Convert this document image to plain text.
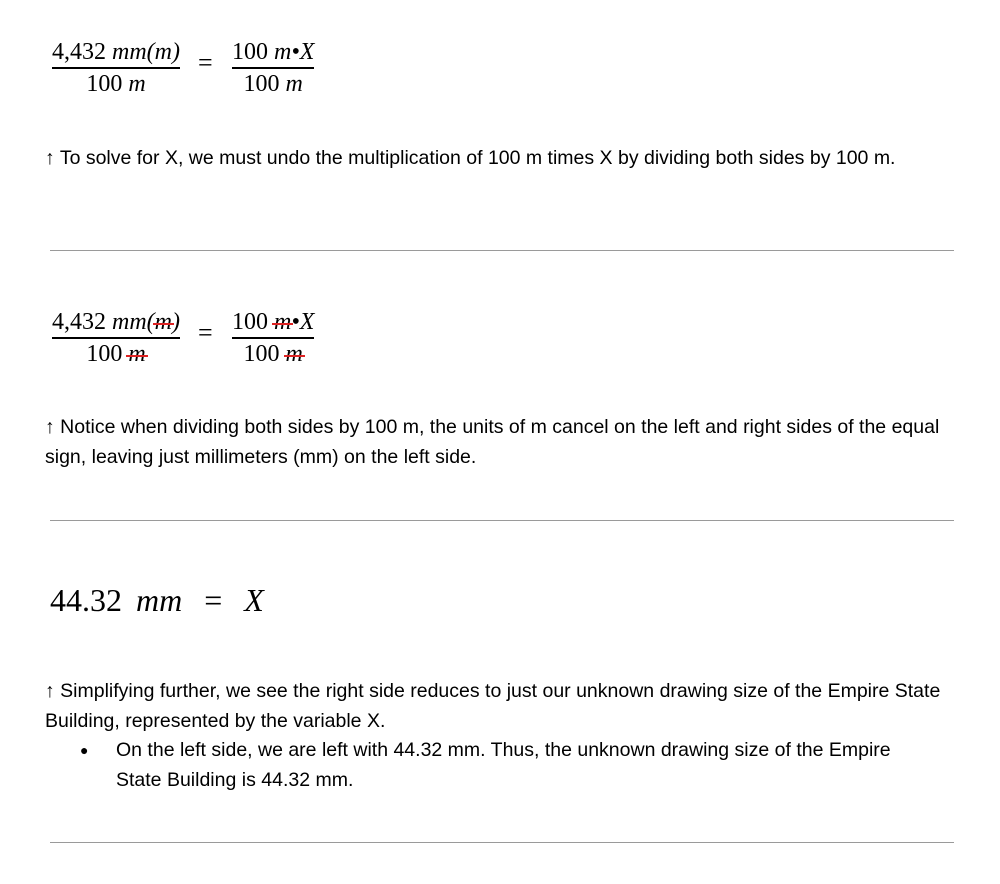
4,432 mm(m)
100 m
= 100 m•X
100 m

↑ To solve for X, we must undo the multiplication of 100 m times X by dividing both sides by 100 m.

4,432 mm(m)
100 m
= 100 m•X
100 m

↑ Notice when dividing both sides by 100 m, the units of m cancel on the left and right sides of the equal sign, leaving just millimeters (mm) on the left side.

44.32 mm = X

↑ Simplifying further, we see the right side reduces to just our unknown drawing size of the Empire State Building, represented by the variable X.

● On the left side, we are left with 44.32 mm. Thus, the unknown drawing size of the Empire State Building is 44.32 mm.
